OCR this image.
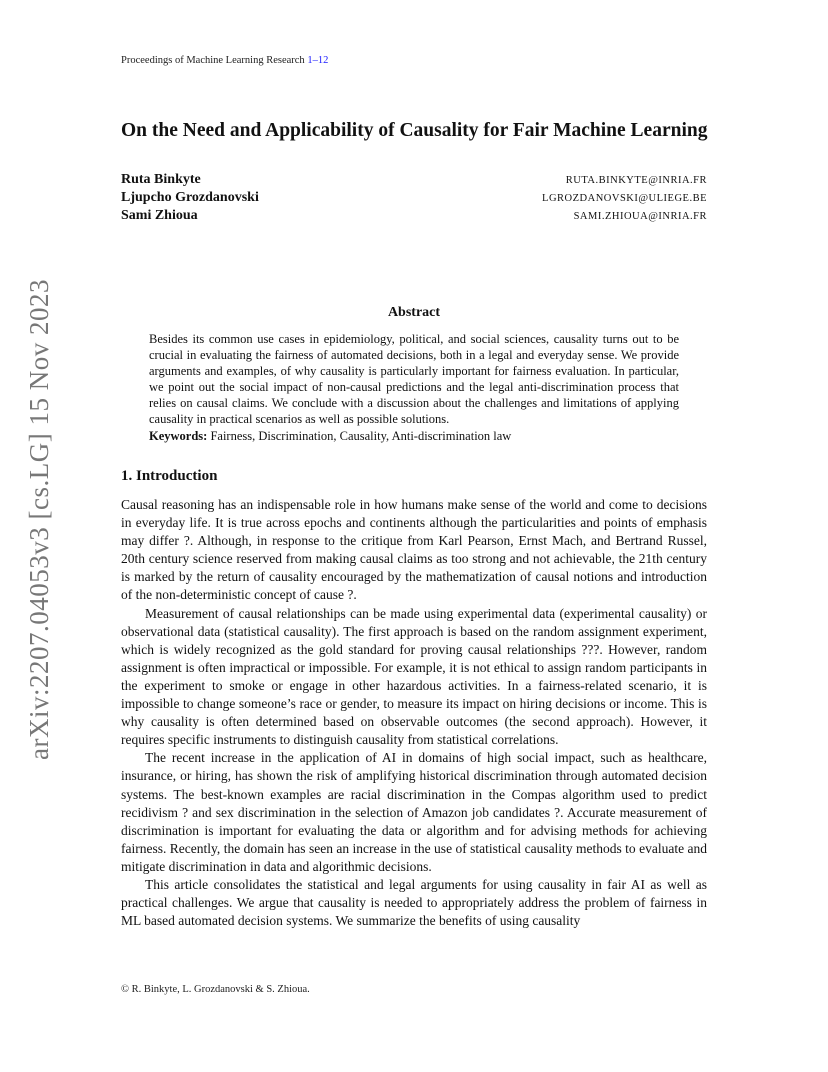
Proceedings of Machine Learning Research 1–12
arXiv:2207.04053v3 [cs.LG] 15 Nov 2023
On the Need and Applicability of Causality for Fair Machine Learning
Ruta Binkyte	RUTA.BINKYTE@INRIA.FR
Ljupcho Grozdanovski	LGROZDANOVSKI@ULIEGE.BE
Sami Zhioua	SAMI.ZHIOUA@INRIA.FR
Abstract

Besides its common use cases in epidemiology, political, and social sciences, causality turns out to be crucial in evaluating the fairness of automated decisions, both in a legal and everyday sense. We provide arguments and examples, of why causality is particularly important for fairness evaluation. In particular, we point out the social impact of non-causal predictions and the legal anti-discrimination process that relies on causal claims. We conclude with a discussion about the challenges and limitations of applying causality in practical scenarios as well as possible solutions.

Keywords: Fairness, Discrimination, Causality, Anti-discrimination law

1. Introduction

Causal reasoning has an indispensable role in how humans make sense of the world and come to decisions in everyday life. It is true across epochs and continents although the particularities and points of emphasis may differ ?. Although, in response to the critique from Karl Pearson, Ernst Mach, and Bertrand Russel, 20th century science reserved from making causal claims as too strong and not achievable, the 21th century is marked by the return of causality encouraged by the mathematization of causal notions and introduction of the non-deterministic concept of cause ?.

Measurement of causal relationships can be made using experimental data (experimental causality) or observational data (statistical causality). The first approach is based on the random assignment experiment, which is widely recognized as the gold standard for proving causal relationships ???. However, random assignment is often impractical or impossible. For example, it is not ethical to assign random participants in the experiment to smoke or engage in other hazardous activities. In a fairness-related scenario, it is impossible to change someone’s race or gender, to measure its impact on hiring decisions or income. This is why causality is often determined based on observable outcomes (the second approach). However, it requires specific instruments to distinguish causality from statistical correlations.

The recent increase in the application of AI in domains of high social impact, such as healthcare, insurance, or hiring, has shown the risk of amplifying historical discrimination through automated decision systems. The best-known examples are racial discrimination in the Compas algorithm used to predict recidivism ? and sex discrimination in the selection of Amazon job candidates ?. Accurate measurement of discrimination is important for evaluating the data or algorithm and for advising methods for achieving fairness. Recently, the domain has seen an increase in the use of statistical causality methods to evaluate and mitigate discrimination in data and algorithmic decisions.

This article consolidates the statistical and legal arguments for using causality in fair AI as well as practical challenges. We argue that causality is needed to appropriately address the problem of fairness in ML based automated decision systems. We summarize the benefits of using causality

© R. Binkyte, L. Grozdanovski & S. Zhioua.
